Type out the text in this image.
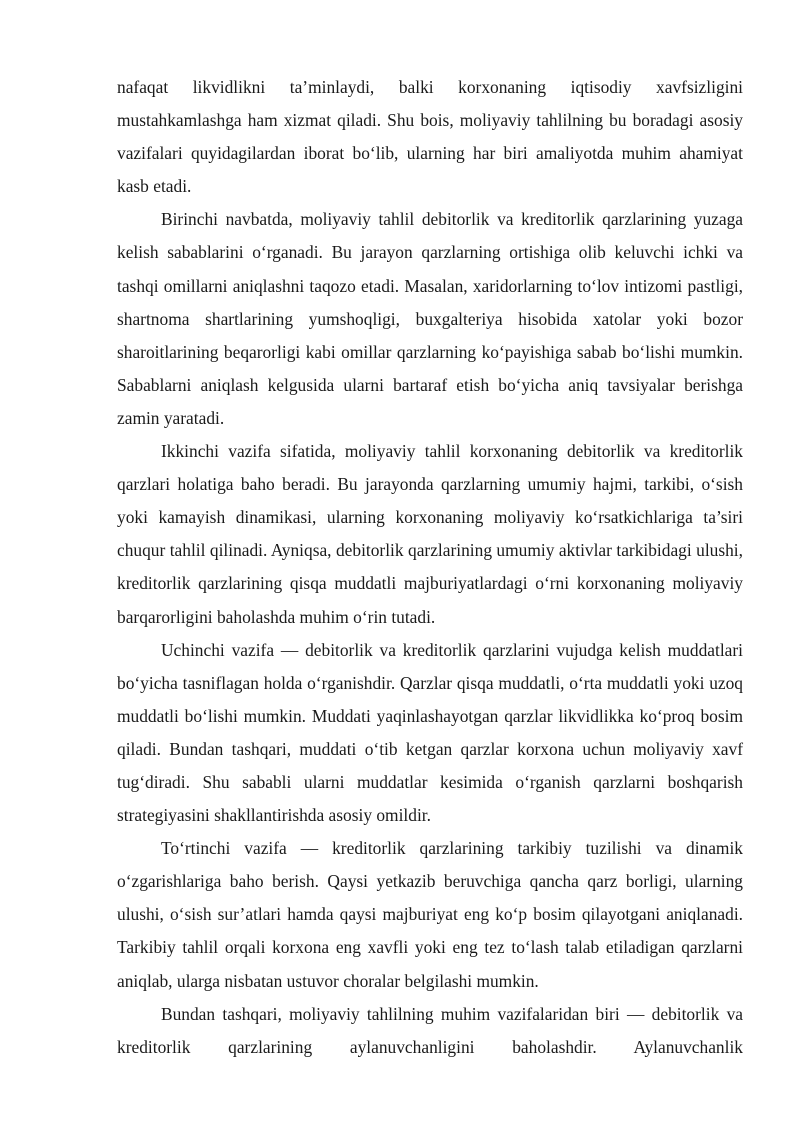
nafaqat likvidlikni ta’minlaydi, balki korxonaning iqtisodiy xavfsizligini mustahkamlashga ham xizmat qiladi. Shu bois, moliyaviy tahlilning bu boradagi asosiy vazifalari quyidagilardan iborat bo‘lib, ularning har biri amaliyotda muhim ahamiyat kasb etadi.

Birinchi navbatda, moliyaviy tahlil debitorlik va kreditorlik qarzlarining yuzaga kelish sabablarini o‘rganadi. Bu jarayon qarzlarning ortishiga olib keluvchi ichki va tashqi omillarni aniqlashni taqozo etadi. Masalan, xaridorlarning to‘lov intizomi pastligi, shartnoma shartlarining yumshoqligi, buxgalteriya hisobida xatolar yoki bozor sharoitlarining beqarorligi kabi omillar qarzlarning ko‘payishiga sabab bo‘lishi mumkin. Sabablarni aniqlash kelgusida ularni bartaraf etish bo‘yicha aniq tavsiyalar berishga zamin yaratadi.

Ikkinchi vazifa sifatida, moliyaviy tahlil korxonaning debitorlik va kreditorlik qarzlari holatiga baho beradi. Bu jarayonda qarzlarning umumiy hajmi, tarkibi, o‘sish yoki kamayish dinamikasi, ularning korxonaning moliyaviy ko‘rsatkichlariga ta’siri chuqur tahlil qilinadi. Ayniqsa, debitorlik qarzlarining umumiy aktivlar tarkibidagi ulushi, kreditorlik qarzlarining qisqa muddatli majburiyatlardagi o‘rni korxonaning moliyaviy barqarorligini baholashda muhim o‘rin tutadi.

Uchinchi vazifa — debitorlik va kreditorlik qarzlarini vujudga kelish muddatlari bo‘yicha tasniflagan holda o‘rganishdir. Qarzlar qisqa muddatli, o‘rta muddatli yoki uzoq muddatli bo‘lishi mumkin. Muddati yaqinlashayotgan qarzlar likvidlikka ko‘proq bosim qiladi. Bundan tashqari, muddati o‘tib ketgan qarzlar korxona uchun moliyaviy xavf tug‘diradi. Shu sababli ularni muddatlar kesimida o‘rganish qarzlarni boshqarish strategiyasini shakllantirishda asosiy omildir.

To‘rtinchi vazifa — kreditorlik qarzlarining tarkibiy tuzilishi va dinamik o‘zgarishlariga baho berish. Qaysi yetkazib beruvchiga qancha qarz borligi, ularning ulushi, o‘sish sur’atlari hamda qaysi majburiyat eng ko‘p bosim qilayotgani aniqlanadi. Tarkibiy tahlil orqali korxona eng xavfli yoki eng tez to‘lash talab etiladigan qarzlarni aniqlab, ularga nisbatan ustuvor choralar belgilashi mumkin.

Bundan tashqari, moliyaviy tahlilning muhim vazifalaridan biri — debitorlik va kreditorlik qarzlarining aylanuvchanligini baholashdir. Aylanuvchanlik
